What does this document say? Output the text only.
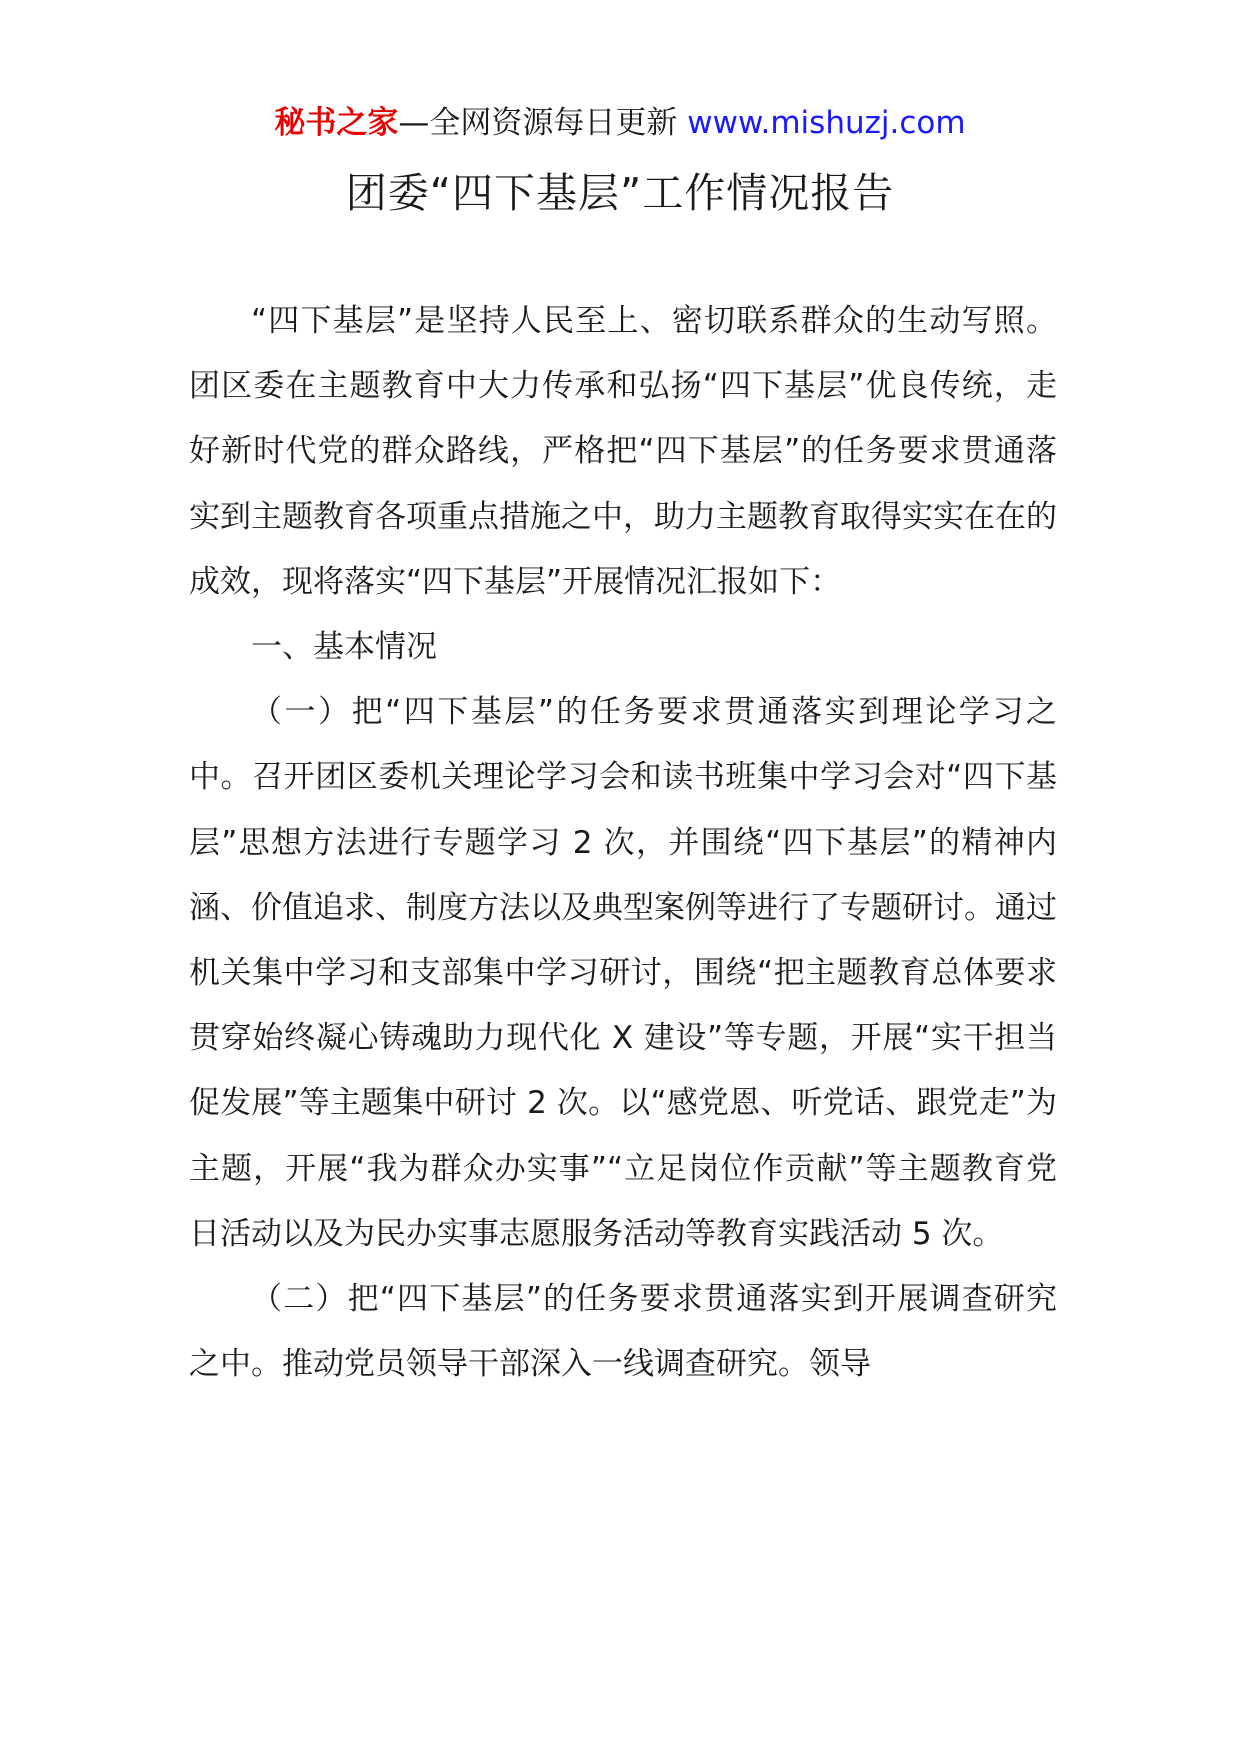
秘书之家—全网资源每日更新 www.mishuzj.com
团委“四下基层”工作情况报告

“四下基层”是坚持人民至上、密切联系群众的生动写照。团区委在主题教育中大力传承和弘扬“四下基层”优良传统，走好新时代党的群众路线，严格把“四下基层”的任务要求贯通落实到主题教育各项重点措施之中，助力主题教育取得实实在在的成效，现将落实“四下基层”开展情况汇报如下：

一、基本情况

（一）把“四下基层”的任务要求贯通落实到理论学习之中。召开团区委机关理论学习会和读书班集中学习会对“四下基层”思想方法进行专题学习 2 次，并围绕“四下基层”的精神内涵、价值追求、制度方法以及典型案例等进行了专题研讨。通过机关集中学习和支部集中学习研讨，围绕“把主题教育总体要求贯穿始终凝心铸魂助力现代化 X 建设”等专题，开展“实干担当促发展”等主题集中研讨 2 次。以“感党恩、听党话、跟党走”为主题，开展“我为群众办实事”“立足岗位作贡献”等主题教育党日活动以及为民办实事志愿服务活动等教育实践活动 5 次。

（二）把“四下基层”的任务要求贯通落实到开展调查研究之中。推动党员领导干部深入一线调查研究。领导
